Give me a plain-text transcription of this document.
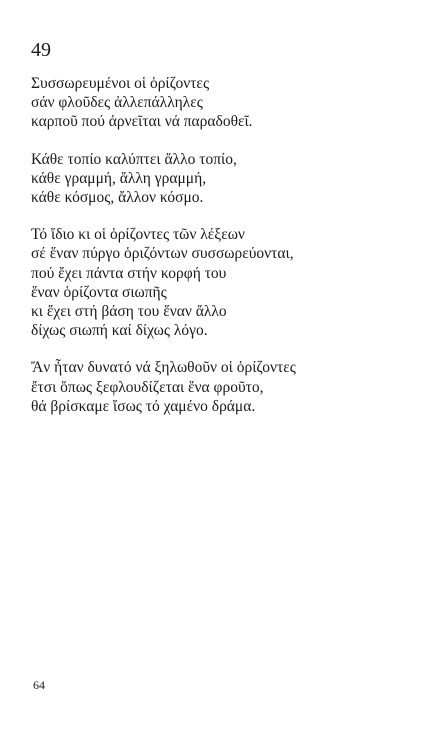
49

Συσσωρευμένοι οἱ ὁρίζοντες
σάν φλοῦδες ἀλλεπάλληλες
καρποῦ πού ἀρνεῖται νά παραδοθεῖ.

Κάθε τοπίο καλύπτει ἄλλο τοπίο,
κάθε γραμμή, ἄλλη γραμμή,
κάθε κόσμος, ἄλλον κόσμο.

Τό ἴδιο κι οἱ ὁρίζοντες τῶν λέξεων
σέ ἕναν πύργο ὁριζόντων συσσωρεύονται,
πού ἔχει πάντα στήν κορφή του
ἕναν ὁρίζοντα σιωπῆς
κι ἔχει στή βάση του ἕναν ἄλλο
δίχως σιωπή καί δίχως λόγο.

Ἄν ἦταν δυνατό νά ξηλωθοῦν οἱ ὁρίζοντες
ἔτσι ὅπως ξεφλουδίζεται ἕνα φροῦτο,
θά βρίσκαμε ἴσως τό χαμένο δράμα.

64
